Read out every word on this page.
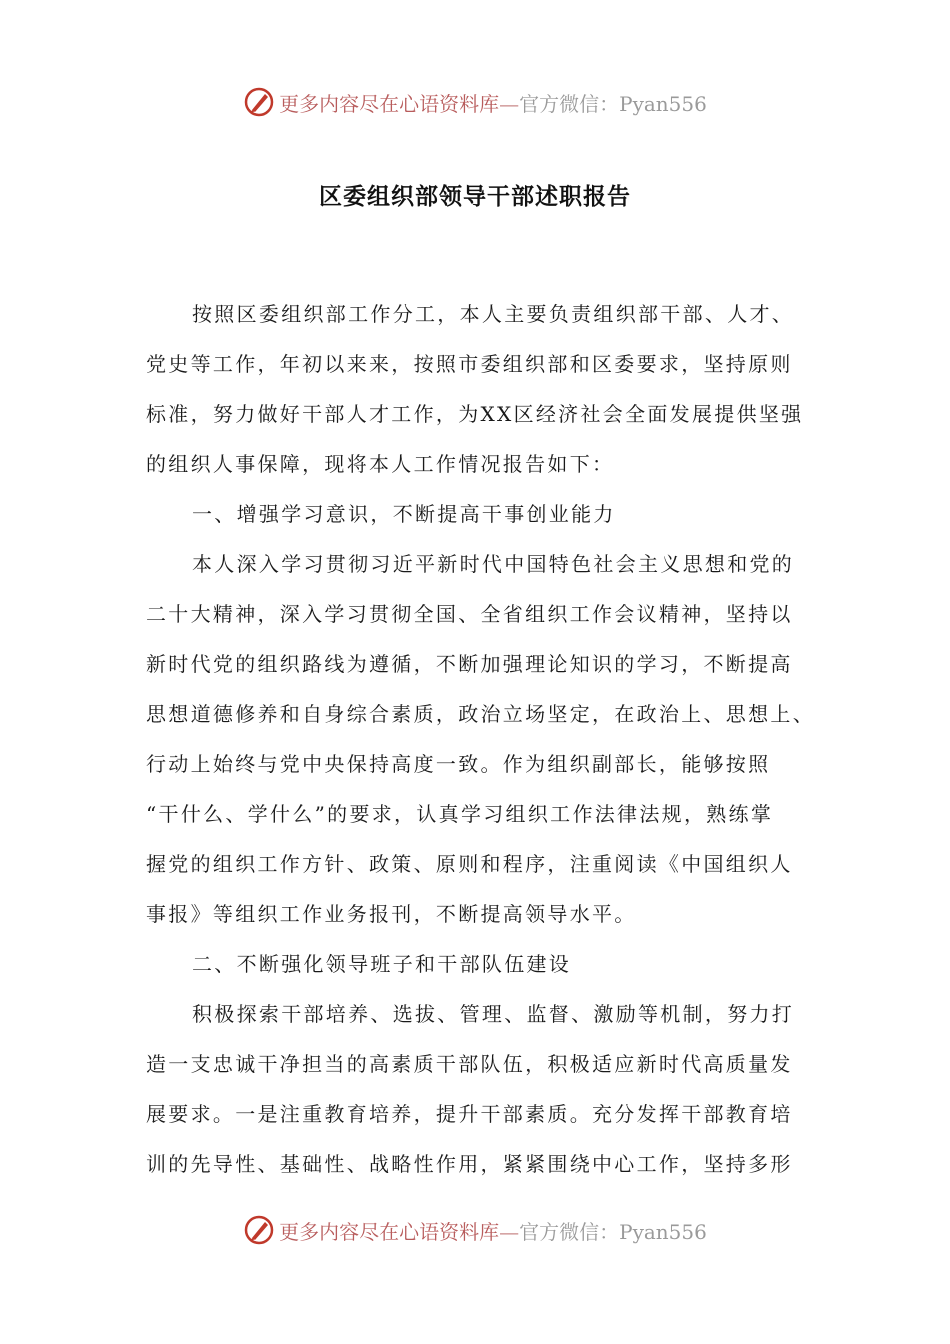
更多内容尽在心语资料库—官方微信：Pyan556
区委组织部领导干部述职报告
按照区委组织部工作分工，本人主要负责组织部干部、人才、
党史等工作，年初以来来，按照市委组织部和区委要求，坚持原则
标准，努力做好干部人才工作，为XX区经济社会全面发展提供坚强
的组织人事保障，现将本人工作情况报告如下：
一、增强学习意识，不断提高干事创业能力
本人深入学习贯彻习近平新时代中国特色社会主义思想和党的
二十大精神，深入学习贯彻全国、全省组织工作会议精神，坚持以
新时代党的组织路线为遵循，不断加强理论知识的学习，不断提高
思想道德修养和自身综合素质，政治立场坚定，在政治上、思想上、
行动上始终与党中央保持高度一致。作为组织副部长，能够按照
“干什么、学什么”的要求，认真学习组织工作法律法规，熟练掌
握党的组织工作方针、政策、原则和程序，注重阅读《中国组织人
事报》等组织工作业务报刊，不断提高领导水平。
二、不断强化领导班子和干部队伍建设
积极探索干部培养、选拔、管理、监督、激励等机制，努力打
造一支忠诚干净担当的高素质干部队伍，积极适应新时代高质量发
展要求。一是注重教育培养，提升干部素质。充分发挥干部教育培
训的先导性、基础性、战略性作用，紧紧围绕中心工作，坚持多形
更多内容尽在心语资料库—官方微信：Pyan556
